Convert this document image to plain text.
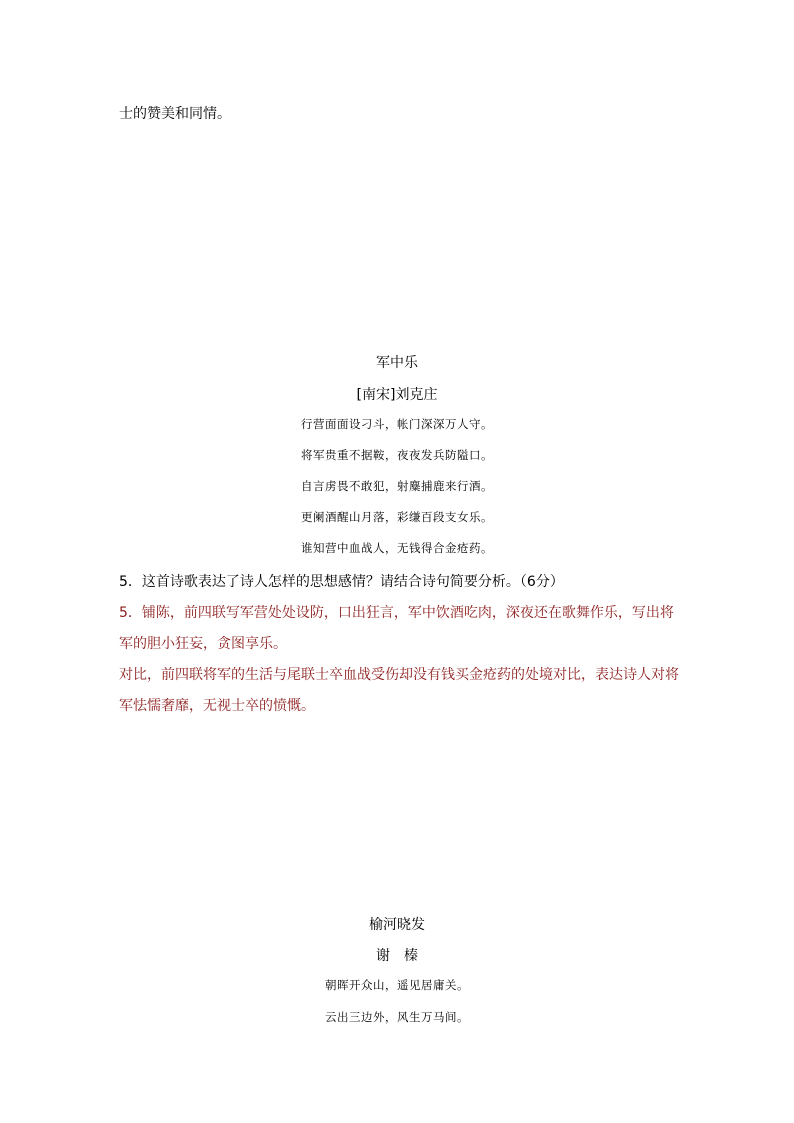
士的赞美和同情。
军中乐
[南宋]刘克庄
行营面面设刁斗，帐门深深万人守。
将军贵重不据鞍，夜夜发兵防隘口。
自言虏畏不敢犯，射麋捕鹿来行酒。
更阑酒醒山月落，彩缣百段支女乐。
谁知营中血战人，无钱得合金疮药。
5．这首诗歌表达了诗人怎样的思想感情？请结合诗句简要分析。（6分）
5．铺陈，前四联写军营处处设防，口出狂言，军中饮酒吃肉，深夜还在歌舞作乐，写出将
军的胆小狂妄，贪图享乐。
对比，前四联将军的生活与尾联士卒血战受伤却没有钱买金疮药的处境对比，表达诗人对将
军怯懦奢靡，无视士卒的愤慨。
榆河晓发
谢　榛
朝晖开众山，遥见居庸关。
云出三边外，风生万马间。
